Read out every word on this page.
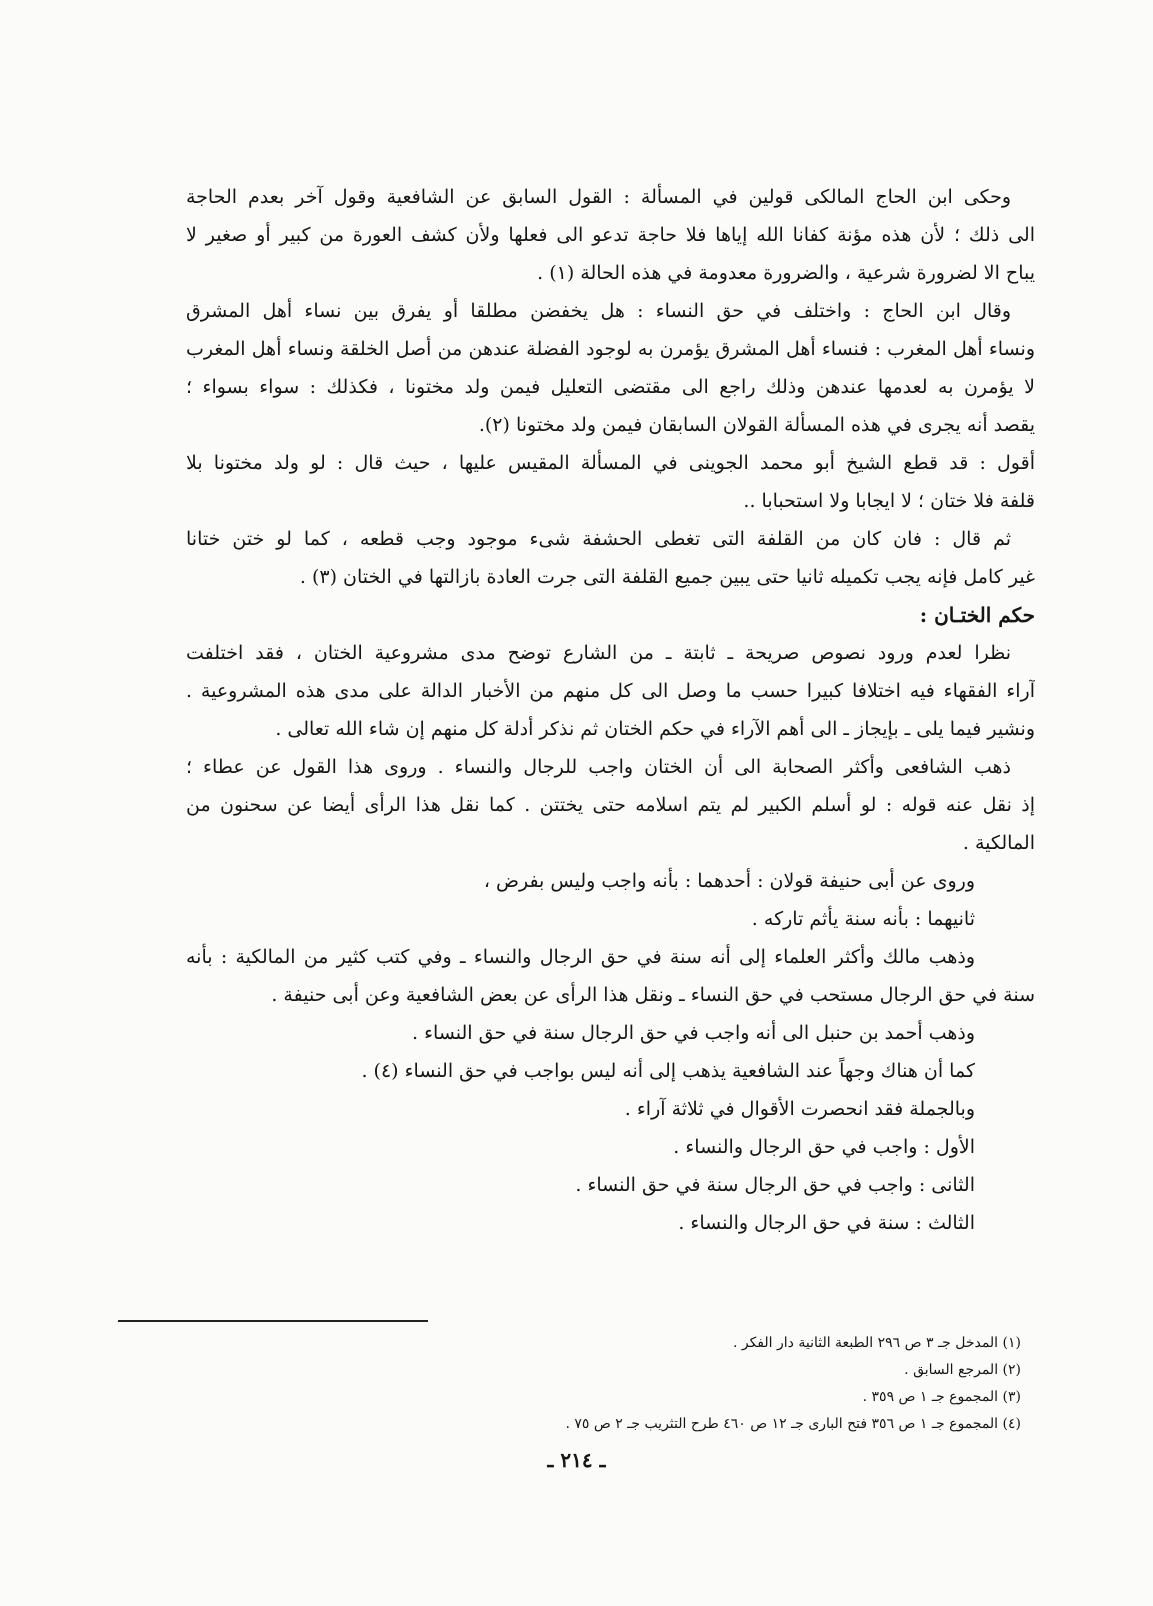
وحكى ابن الحاج المالكى قولين في المسألة : القول السابق عن الشافعية وقول آخر بعدم الحاجة
الى ذلك ؛ لأن هذه مؤنة كفانا الله إياها فلا حاجة تدعو الى فعلها ولأن كشف العورة من كبير أو صغير لا
يباح الا لضرورة شرعية ، والضرورة معدومة في هذه الحالة (١) .
وقال ابن الحاج : واختلف في حق النساء : هل يخفضن مطلقا أو يفرق بين نساء أهل المشرق
ونساء أهل المغرب : فنساء أهل المشرق يؤمرن به لوجود الفضلة عندهن من أصل الخلقة ونساء أهل المغرب
لا يؤمرن به لعدمها عندهن وذلك راجع الى مقتضى التعليل فيمن ولد مختونا ، فكذلك : سواء بسواء ؛
يقصد أنه يجرى في هذه المسألة القولان السابقان فيمن ولد مختونا (٢).
أقول : قد قطع الشيخ أبو محمد الجوينى في المسألة المقيس عليها ، حيث قال : لو ولد مختونا بلا
قلفة فلا ختان ؛ لا ايجابا ولا استحبابا ..
ثم قال : فان كان من القلفة التى تغطى الحشفة شىء موجود وجب قطعه ، كما لو ختن ختانا
غير كامل فإنه يجب تكميله ثانيا حتى يبين جميع القلفة التى جرت العادة بازالتها في الختان (٣) .
حكم الختـان :
نظرا لعدم ورود نصوص صريحة ـ ثابتة ـ من الشارع توضح مدى مشروعية الختان ، فقد اختلفت
آراء الفقهاء فيه اختلافا كبيرا حسب ما وصل الى كل منهم من الأخبار الدالة على مدى هذه المشروعية .
ونشير فيما يلى ـ بإيجاز ـ الى أهم الآراء في حكم الختان ثم نذكر أدلة كل منهم إن شاء الله تعالى .
ذهب الشافعى وأكثر الصحابة الى أن الختان واجب للرجال والنساء . وروى هذا القول عن عطاء ؛
إذ نقل عنه قوله : لو أسلم الكبير لم يتم اسلامه حتى يختتن . كما نقل هذا الرأى أيضا عن سحنون من
المالكية .
وروى عن أبى حنيفة قولان : أحدهما : بأنه واجب وليس بفرض ،
ثانيهما : بأنه سنة يأثم تاركه .
وذهب مالك وأكثر العلماء إلى أنه سنة في حق الرجال والنساء ـ وفي كتب كثير من المالكية : بأنه
سنة في حق الرجال مستحب في حق النساء ـ ونقل هذا الرأى عن بعض الشافعية وعن أبى حنيفة .
وذهب أحمد بن حنبل الى أنه واجب في حق الرجال سنة في حق النساء .
كما أن هناك وجهاً عند الشافعية يذهب إلى أنه ليس بواجب في حق النساء (٤) .
وبالجملة فقد انحصرت الأقوال في ثلاثة آراء .
الأول : واجب في حق الرجال والنساء .
الثانى : واجب في حق الرجال سنة في حق النساء .
الثالث : سنة في حق الرجال والنساء .
(١) المدخل جـ ٣ ص ٢٩٦ الطبعة الثانية دار الفكر .
(٢) المرجع السابق .
(٣) المجموع جـ ١ ص ٣٥٩ .
(٤) المجموع جـ ١ ص ٣٥٦ فتح البارى جـ ١٢ ص ٤٦٠ طرح التثريب جـ ٢ ص ٧٥ .
ـ ٢١٤ ـ
